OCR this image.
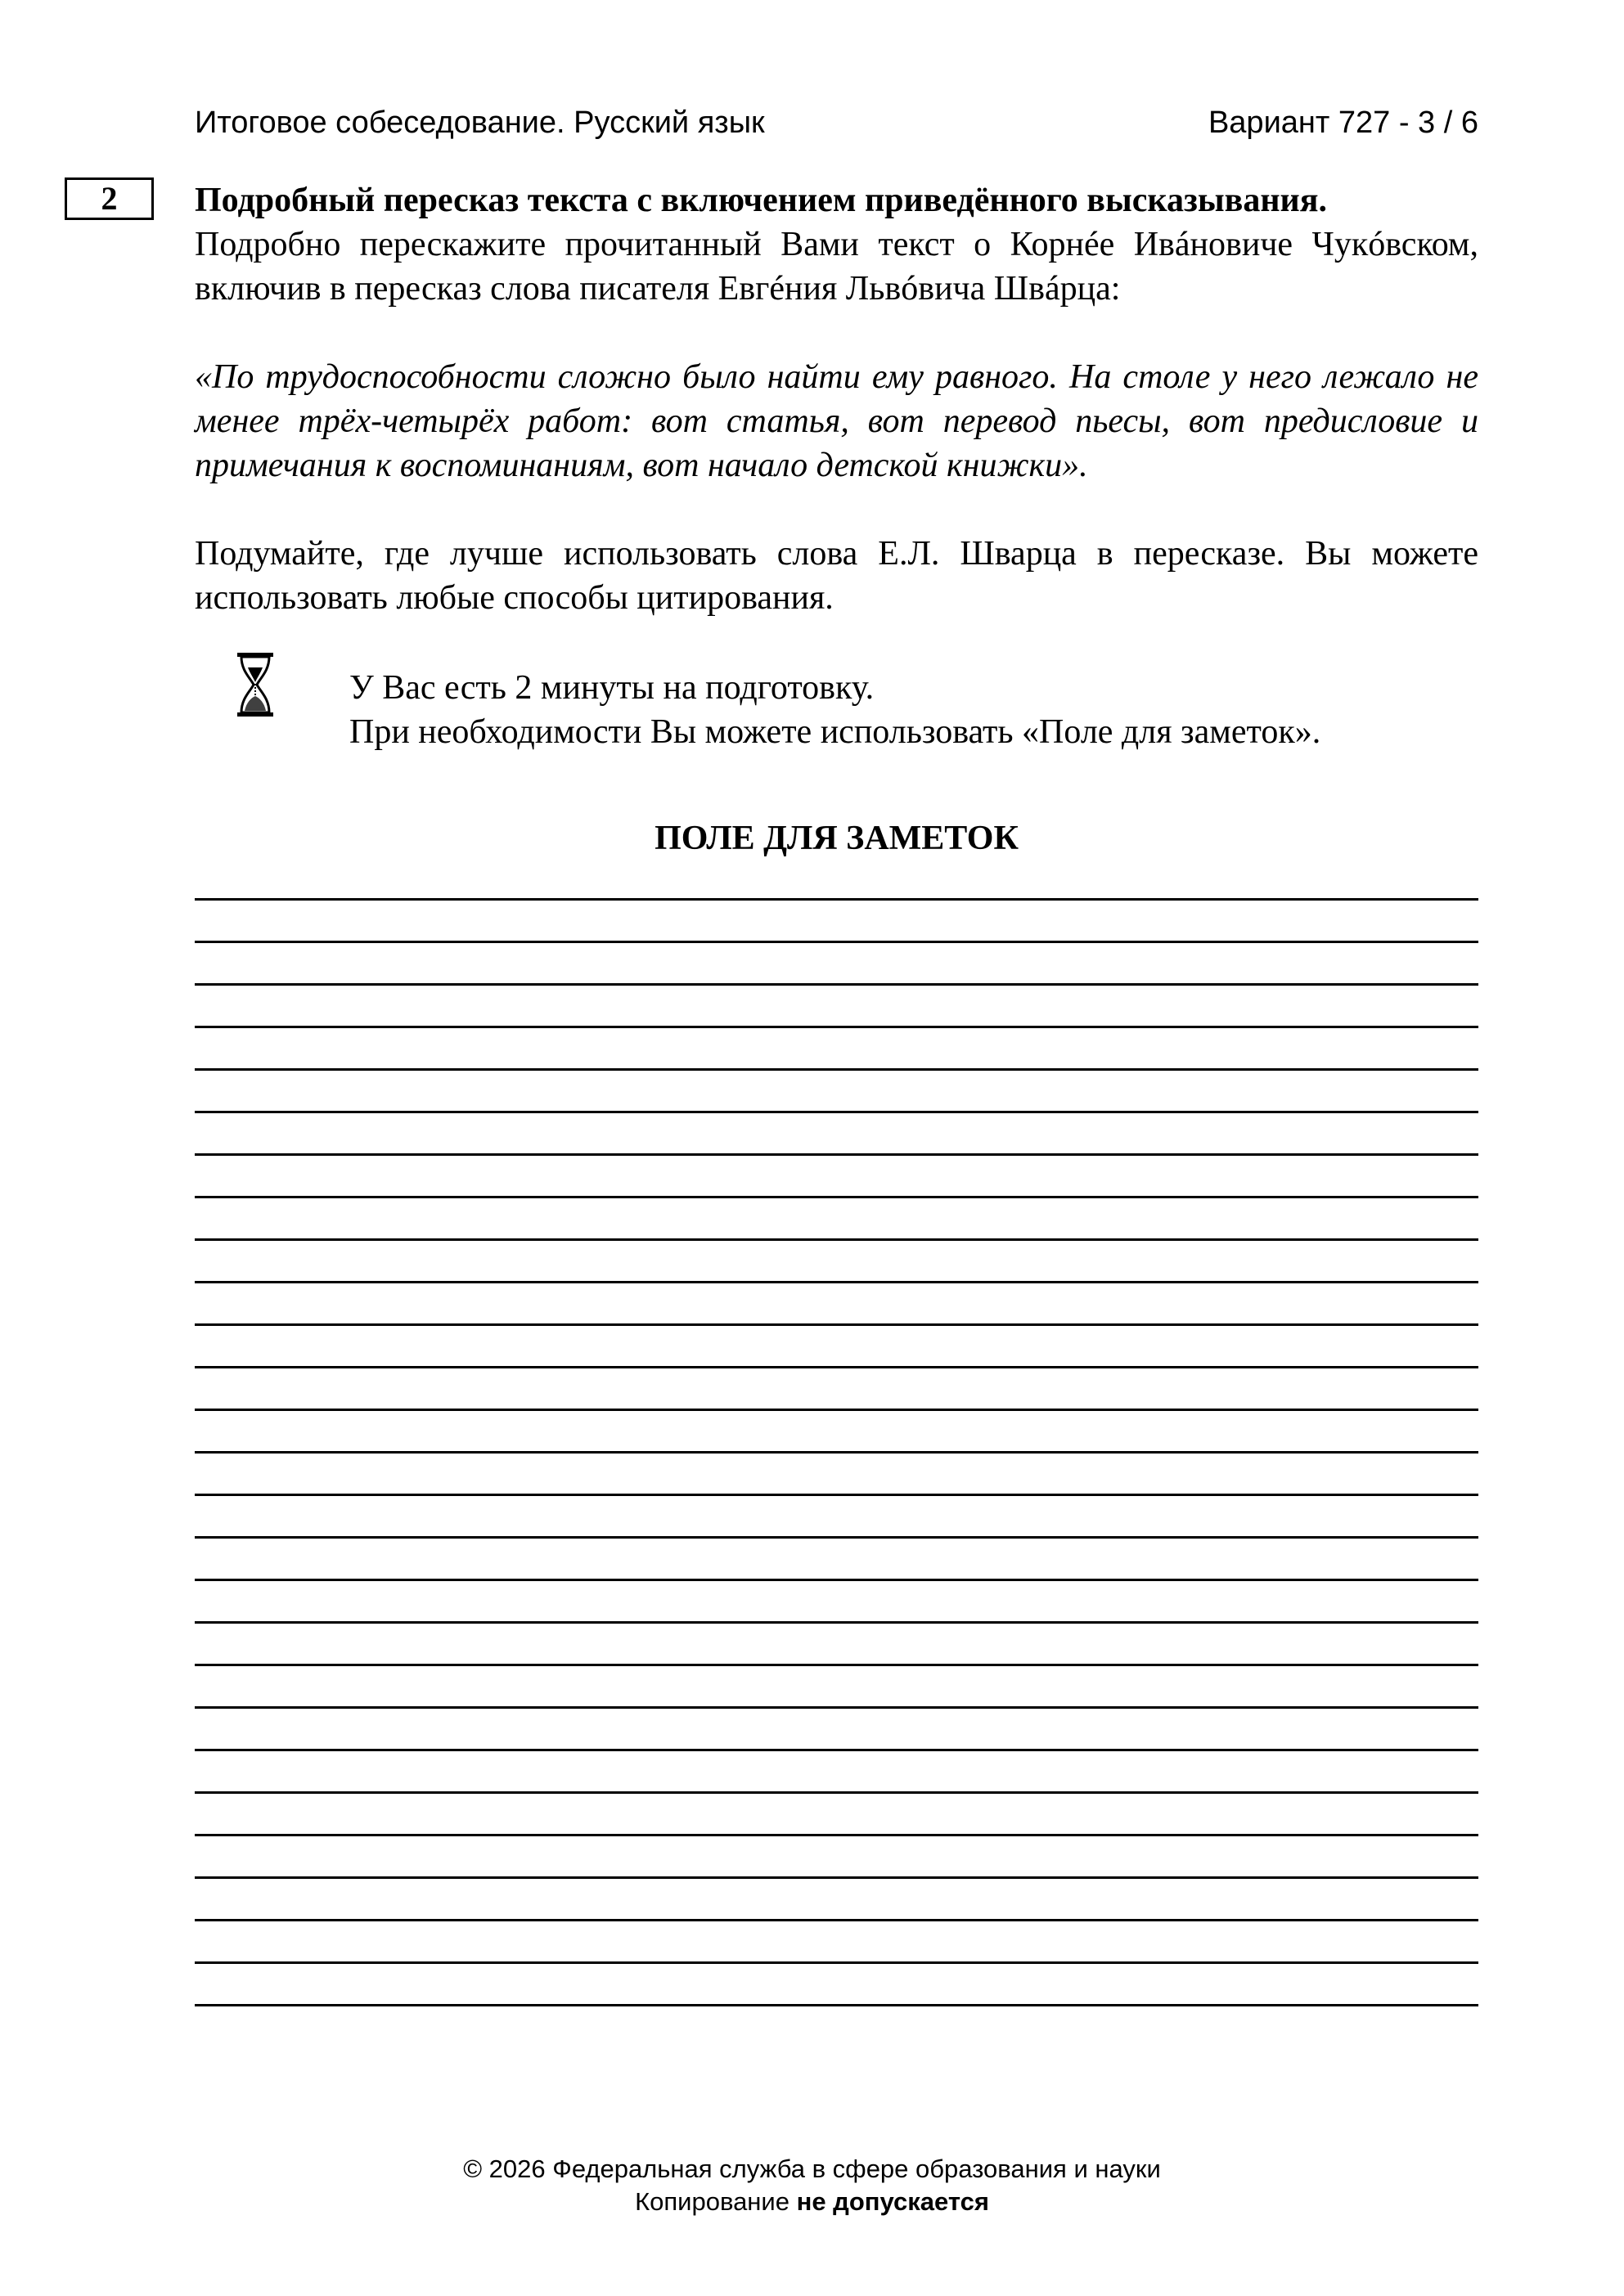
Итоговое собеседование. Русский язык	Вариант 727 - 3 / 6
2	Подробный пересказ текста с включением приведённого высказывания.
Подробно перескажите прочитанный Вами текст о Корнéе Ивáновиче Чукóвском, включив в пересказ слова писателя Евгéния Львóвича Швáрца:
«По трудоспособности сложно было найти ему равного. На столе у него лежало не менее трёх-четырёх работ: вот статья, вот перевод пьесы, вот предисловие и примечания к воспоминаниям, вот начало детской книжки».
Подумайте, где лучше использовать слова Е.Л. Шварца в пересказе. Вы можете использовать любые способы цитирования.
У Вас есть 2 минуты на подготовку.
При необходимости Вы можете использовать «Поле для заметок».
ПОЛЕ ДЛЯ ЗАМЕТОК
© 2026 Федеральная служба в сфере образования и науки
Копирование не допускается
